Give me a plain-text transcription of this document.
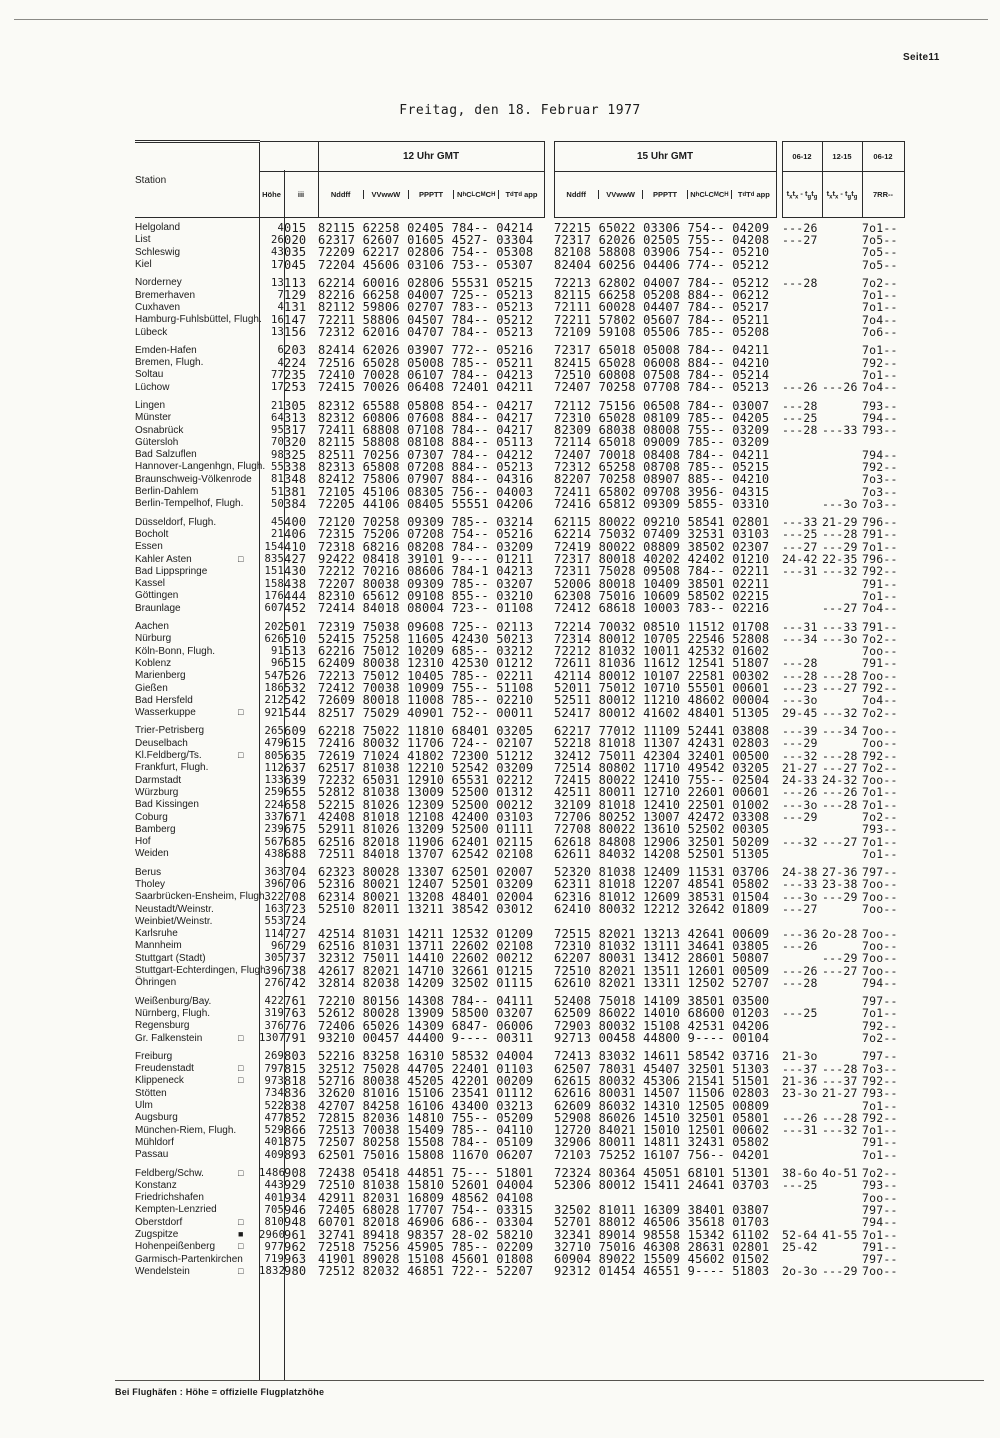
Seite11
Freitag, den 18. Februar 1977
Station				12 Uhr GMT		15 Uhr GMT		06-12	12-15	06-12
Höhe	iii	Nddff	VVwwW	PPPTT	N h C L C M C H	T d T d app		Nddff	VVwwW	PPPTT	N h C L C M C H	T d T d app		$t_xt_x - t_gt_g$	$t_xt_x - t_gt_g$	7RR--

Helgoland		4	015	82115 62258 02405 784-- 04214		72215 65022 03306 754-- 04209		---26		7o1--
List		26	020	62317 62607 01605 4527- 03304		72317 62026 02505 755-- 04208		---27		7o5--
Schleswig		43	035	72209 62217 02806 754-- 05308		82108 58808 03906 754-- 05210				7o5--
Kiel		17	045	72204 45606 03106 753-- 05307		82404 60256 04406 774-- 05212				7o5--

Norderney		13	113	62214 60016 02806 55531 05215		72213 62802 04007 784-- 05212		---28		7o2--
Bremerhaven		7	129	82216 66258 04007 725-- 05213		82115 66258 05208 884-- 06212				7o1--
Cuxhaven		4	131	82112 59806 02707 783-- 05213		72111 60028 04407 784-- 05217				7o1--
Hamburg-Fuhlsbüttel, Flugh.		16	147	72211 58806 04507 784-- 05212		72211 57802 05607 784-- 05211				7o4--
Lübeck		13	156	72312 62016 04707 784-- 05213		72109 59108 05506 785-- 05208				7o6--

Emden-Hafen		6	203	82414 62026 03907 772-- 05216		72317 65018 05008 784-- 04211				7o1--
Bremen, Flugh.		4	224	72516 65028 05008 785-- 05211		82415 65028 06008 884-- 04210				792--
Soltau		77	235	72410 70028 06107 784-- 04213		72510 60808 07508 784-- 05214				7o1--
Lüchow		17	253	72415 70026 06408 72401 04211		72407 70258 07708 784-- 05213		---26	---26	7o4--

Lingen		21	305	82312 65588 05808 854-- 04217		72112 75156 06508 784-- 03007		---28		793--
Münster		64	313	82312 60806 07608 884-- 04217		72310 65028 08109 785-- 04205		---25		794--
Osnabrück		95	317	72411 68808 07108 784-- 04217		82309 68038 08008 755-- 03209		---28	---33	793--
Gütersloh		70	320	82115 58808 08108 884-- 05113		72114 65018 09009 785-- 03209				
Bad Salzuflen		98	325	82511 70256 07307 784-- 04212		72407 70018 08408 784-- 04211				794--
Hannover-Langenhgn, Flugh.		55	338	82313 65808 07208 884-- 05213		72312 65258 08708 785-- 05215				792--
Braunschweig-Völkenrode		81	348	82412 75806 07907 884-- 04316		82207 70258 08907 885-- 04210				7o3--
Berlin-Dahlem		51	381	72105 45106 08305 756-- 04003		72411 65802 09708 3956- 04315				7o3--
Berlin-Tempelhof, Flugh.		50	384	72205 44106 08405 55551 04206		72416 65812 09309 5855- 03310			---3o	7o3--

Düsseldorf, Flugh.		45	400	72120 70258 09309 785-- 03214		62115 80022 09210 58541 02801		---33	21-29	796--
Bocholt		21	406	72315 75206 07208 754-- 05216		62214 75032 07409 32531 03103		---25	---28	791--
Essen		154	410	72318 68216 08208 784-- 03209		72419 80022 08809 38502 02307		---27	---29	7o1--
Kahler Asten	□	835	427	92422 08418 39101 9---- 01211		72317 80018 40202 42402 01210		24-42	22-35	796--
Bad Lippspringe		151	430	72212 70216 08606 784-1 04213		72311 75028 09508 784-- 02211		---31	---32	792--
Kassel		158	438	72207 80038 09309 785-- 03207		52006 80018 10409 38501 02211				791--
Göttingen		176	444	82310 65612 09108 855-- 03210		62308 75016 10609 58502 02215				7o1--
Braunlage		607	452	72414 84018 08004 723-- 01108		72412 68618 10003 783-- 02216			---27	7o4--

Aachen		202	501	72319 75038 09608 725-- 02113		72214 70032 08510 11512 01708		---31	---33	791--
Nürburg		626	510	52415 75258 11605 42430 50213		72314 80012 10705 22546 52808		---34	---3o	7o2--
Köln-Bonn, Flugh.		91	513	62216 75012 10209 685-- 03212		72212 81032 10011 42532 01602				7oo--
Koblenz		96	515	62409 80038 12310 42530 01212		72611 81036 11612 12541 51807		---28		791--
Marienberg		547	526	72213 75012 10405 785-- 02211		42114 80012 10107 22581 00302		---28	---28	7oo--
Gießen		186	532	72412 70038 10909 755-- 51108		52011 75012 10710 55501 00601		---23	---27	792--
Bad Hersfeld		212	542	72609 80018 11008 785-- 02210		52511 80012 11210 48602 00004		---3o		7o4--
Wasserkuppe	□	921	544	82517 75029 40901 752-- 00011		52417 80012 41602 48401 51305		29-45	---32	7o2--

Trier-Petrisberg		265	609	62218 75022 11810 68401 03205		62217 77012 11109 52441 03808		---39	---34	7oo--
Deuselbach		479	615	72416 80032 11706 724-- 02107		52218 81018 11307 42431 02803		---29		7oo--
Kl.Feldberg/Ts.	□	805	635	72619 71024 41802 72300 51212		32412 75011 42304 32401 00500		---32	---28	792--
Frankfurt, Flugh.		112	637	62517 81038 12210 52542 03209		72514 80802 11710 49542 03205		21-27	---27	7o2--
Darmstadt		133	639	72232 65031 12910 65531 02212		72415 80022 12410 755-- 02504		24-33	24-32	7oo--
Würzburg		259	655	52812 81038 13009 52500 01312		42511 80011 12710 22601 00601		---26	---26	7o1--
Bad Kissingen		224	658	52215 81026 12309 52500 00212		32109 81018 12410 22501 01002		---3o	---28	7o1--
Coburg		337	671	42408 81018 12108 42400 03103		72706 80252 13007 42472 03308		---29		7o2--
Bamberg		239	675	52911 81026 13209 52500 01111		72708 80022 13610 52502 00305				793--
Hof		567	685	62516 82018 11906 62401 02115		62618 84808 12906 32501 50209		---32	---27	7o1--
Weiden		438	688	72511 84018 13707 62542 02108		62611 84032 14208 52501 51305				7o1--

Berus		363	704	62323 80028 13307 62501 02007		52320 81038 12409 11531 03706		24-38	27-36	797--
Tholey		396	706	52316 80021 12407 52501 03209		62311 81018 12207 48541 05802		---33	23-38	7oo--
Saarbrücken-Ensheim, Flugh.		322	708	62314 80021 13208 48401 02004		62316 81012 12609 38531 01504		---3o	---29	7oo--
Neustadt/Weinstr.		163	723	52510 82011 13211 38542 03012		62410 80032 12212 32642 01809		---27		7oo--
Weinbiet/Weinstr.		553	724							
Karlsruhe		114	727	42514 81031 14211 12532 01209		72515 82021 13213 42641 00609		---36	2o-28	7oo--
Mannheim		96	729	62516 81031 13711 22602 02108		72310 81032 13111 34641 03805		---26		7oo--
Stuttgart (Stadt)		305	737	32312 75011 14410 22602 00212		62207 80031 13412 28601 50807			---29	7oo--
Stuttgart-Echterdingen, Flugh.		396	738	42617 82021 14710 32661 01215		72510 82021 13511 12601 00509		---26	---27	7oo--
Öhringen		276	742	32814 82038 14209 32502 01115		62610 82021 13311 12502 52707		---28		794--

Weißenburg/Bay.		422	761	72210 80156 14308 784-- 04111		52408 75018 14109 38501 03500				797--
Nürnberg, Flugh.		319	763	52612 80028 13909 58500 03207		62509 86022 14010 68600 01203		---25		7o1--
Regensburg		376	776	72406 65026 14309 6847- 06006		72903 80032 15108 42531 04206				792--
Gr. Falkenstein	□	1307	791	93210 00457 44400 9---- 00311		92713 00458 44800 9---- 00104				7o2--

Freiburg		269	803	52216 83258 16310 58532 04004		72413 83032 14611 58542 03716		21-3o		797--
Freudenstadt	□	797	815	32512 75028 44705 22401 01103		62507 78031 45407 32501 51303		---37	---28	7o3--
Klippeneck	□	973	818	52716 80038 45205 42201 00209		62615 80032 45306 21541 51501		21-36	---37	792--
Stötten		734	836	32620 81016 15106 23541 01112		62616 80031 14507 11506 02803		23-3o	21-27	793--
Ulm		522	838	42707 84258 16106 43400 03213		62609 86032 14310 12505 00809				7o1--
Augsburg		477	852	72815 82036 14810 755-- 05209		52908 86026 14510 32501 05801		---26	---28	792--
München-Riem, Flugh.		529	866	72513 70038 15409 785-- 04110		12720 84021 15010 12501 00602		---31	---32	7o1--
Mühldorf		401	875	72507 80258 15508 784-- 05109		32906 80011 14811 32431 05802				791--
Passau		409	893	62501 75016 15808 11670 06207		72103 75252 16107 756-- 04201				7o1--

Feldberg/Schw.	□	1486	908	72438 05418 44851 75--- 51801		72324 80364 45051 68101 51301		38-6o	4o-51	7o2--
Konstanz		443	929	72510 81038 15810 52601 04004		52306 80012 15411 24641 03703		---25		793--
Friedrichshafen		401	934	42911 82031 16809 48562 04108						7oo--
Kempten-Lenzried		705	946	72405 68028 17707 754-- 03315		32502 81011 16309 38401 03807				797--
Oberstdorf	□	810	948	60701 82018 46906 686-- 03304		52701 88012 46506 35618 01703				794--
Zugspitze	■	2960	961	32741 89418 98357 28-02 58210		32341 89014 98558 15342 61102		52-64	41-55	7o1--
Hohenpeißenberg	□	977	962	72518 75256 45905 785-- 02209		32710 75016 46308 28631 02801		25-42		791--
Garmisch-Partenkirchen		719	963	41901 89028 15108 45601 01808		60904 89022 15509 45602 01502				797--
Wendelstein	□	1832	980	72512 82032 46851 722-- 52207		92312 01454 46551 9---- 51803		2o-3o	---29	7oo--
Bei Flughäfen : Höhe = offizielle Flugplatzhöhe
